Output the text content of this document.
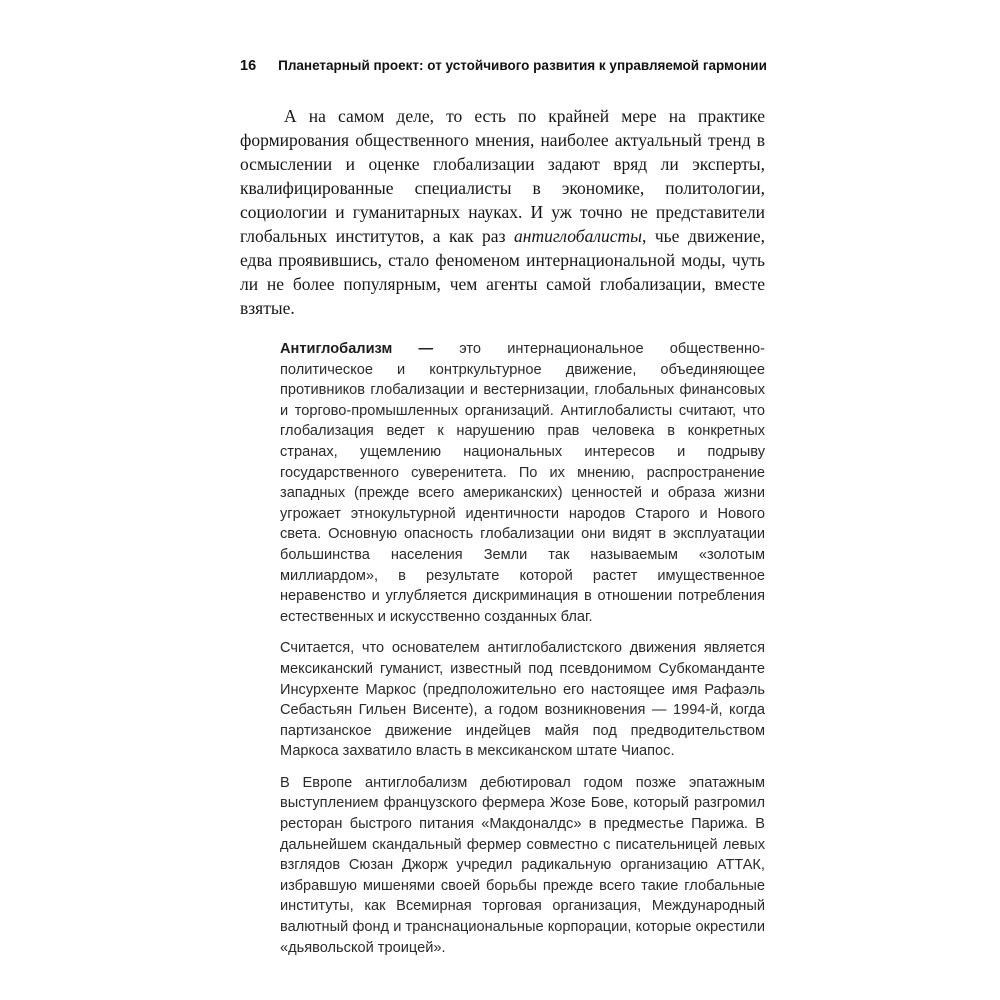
16 Планетарный проект: от устойчивого развития к управляемой гармонии

А на самом деле, то есть по крайней мере на практике формирования общественного мнения, наиболее актуальный тренд в осмыслении и оценке глобализации задают вряд ли эксперты, квалифицированные специалисты в экономике, политологии, социологии и гуманитарных науках. И уж точно не представители глобальных институтов, а как раз антиглобалисты, чье движение, едва проявившись, стало феноменом интернациональной моды, чуть ли не более популярным, чем агенты самой глобализации, вместе взятые.

Антиглобализм — это интернациональное общественно-политическое и контркультурное движение, объединяющее противников глобализации и вестернизации, глобальных финансовых и торгово-промышленных организаций. Антиглобалисты считают, что глобализация ведет к нарушению прав человека в конкретных странах, ущемлению национальных интересов и подрыву государственного суверенитета. По их мнению, распространение западных (прежде всего американских) ценностей и образа жизни угрожает этнокультурной идентичности народов Старого и Нового света. Основную опасность глобализации они видят в эксплуатации большинства населения Земли так называемым «золотым миллиардом», в результате которой растет имущественное неравенство и углубляется дискриминация в отношении потребления естественных и искусственно созданных благ.

Считается, что основателем антиглобалистского движения является мексиканский гуманист, известный под псевдонимом Субкоманданте Инсурхенте Маркос (предположительно его настоящее имя Рафаэль Себастьян Гильен Висенте), а годом возникновения — 1994-й, когда партизанское движение индейцев майя под предводительством Маркоса захватило власть в мексиканском штате Чиапос.

В Европе антиглобализм дебютировал годом позже эпатажным выступлением французского фермера Жозе Бове, который разгромил ресторан быстрого питания «Макдоналдс» в предместье Парижа. В дальнейшем скандальный фермер совместно с писательницей левых взглядов Сюзан Джорж учредил радикальную организацию АТТАК, избравшую мишенями своей борьбы прежде всего такие глобальные институты, как Всемирная торговая организация, Международный валютный фонд и транснациональные корпорации, которые окрестили «дьявольской троицей».
